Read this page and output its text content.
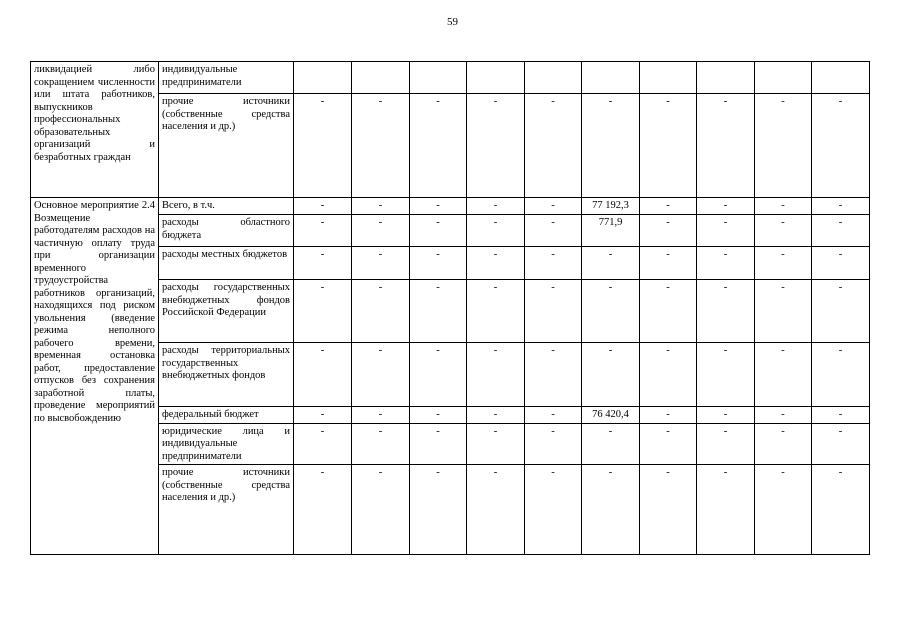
59
ликвидацией либо сокращением численности или штата работников, выпускников профессиональных образовательных организаций и безработных граждан	индивидуальные предприниматели										
	прочие источники (собственные средства населения и др.)	-	-	-	-	-	-	-	-	-	-
Основное мероприятие 2.4 Возмещение работодателям расходов на частичную оплату труда при организации временного трудоустройства работников организаций, находящихся под риском увольнения (введение режима неполного рабочего времени, временная остановка работ, предоставление отпусков без сохранения заработной платы, проведение мероприятий по высвобождению	Всего, в т.ч.	-	-	-	-	-	77 192,3	-	-	-	-
	расходы областного бюджета	-	-	-	-	-	771,9	-	-	-	-
	расходы местных бюджетов	-	-	-	-	-	-	-	-	-	-
	расходы государственных внебюджетных фондов Российской Федерации	-	-	-	-	-	-	-	-	-	-
	расходы территориальных государственных внебюджетных фондов	-	-	-	-	-	-	-	-	-	-
	федеральный бюджет	-	-	-	-	-	76 420,4	-	-	-	-
	юридические лица и индивидуальные предприниматели	-	-	-	-	-	-	-	-	-	-
	прочие источники (собственные средства населения и др.)	-	-	-	-	-	-	-	-	-	-
